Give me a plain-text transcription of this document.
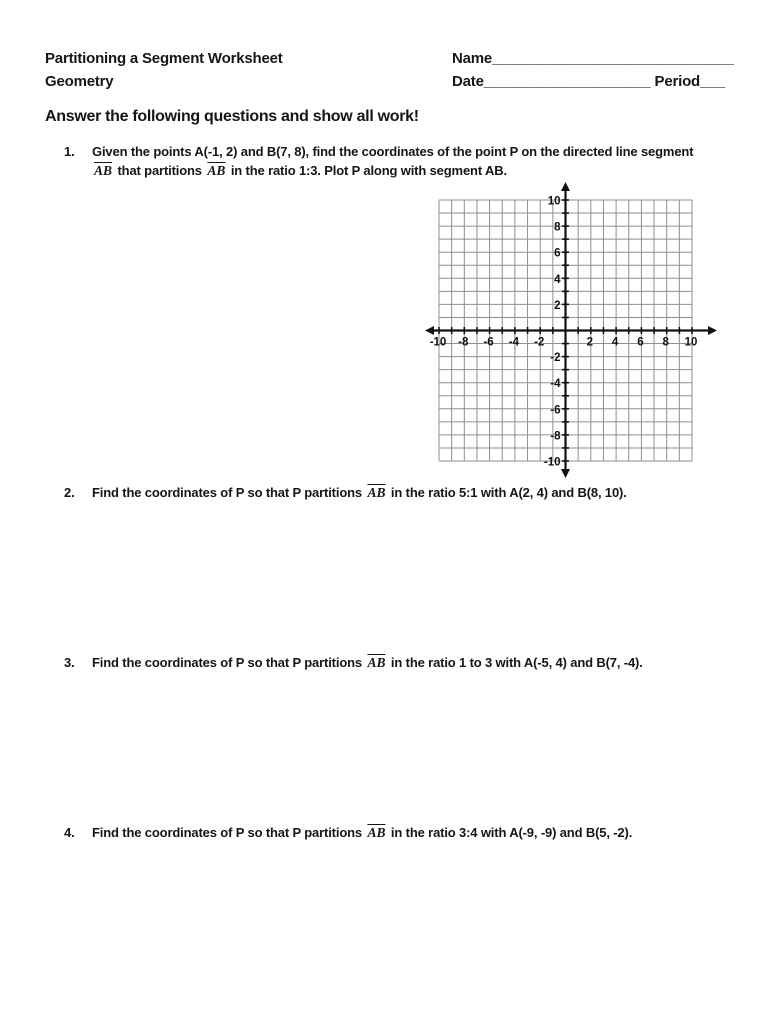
Partitioning a Segment Worksheet
Geometry
Name_____________________________
Date____________________ Period___
Answer the following questions and show all work!
1.	Given the points A(-1, 2) and B(7, 8), find the coordinates of the point P on the directed line segment
$\overline{AB}$ that partitions $\overline{AB}$ in the ratio 1:3. Plot P along with segment AB.
-10 -8 -6 -4 -2	2 4 6 8 10
10
8
6
4
2
-2
-4
-6
-8
-10
2.	Find the coordinates of P so that P partitions $\overline{AB}$ in the ratio 5:1 with A(2, 4) and B(8, 10).
3.	Find the coordinates of P so that P partitions $\overline{AB}$ in the ratio 1 to 3 with A(-5, 4) and B(7, -4).
4.	Find the coordinates of P so that P partitions $\overline{AB}$ in the ratio 3:4 with A(-9, -9) and B(5, -2).
